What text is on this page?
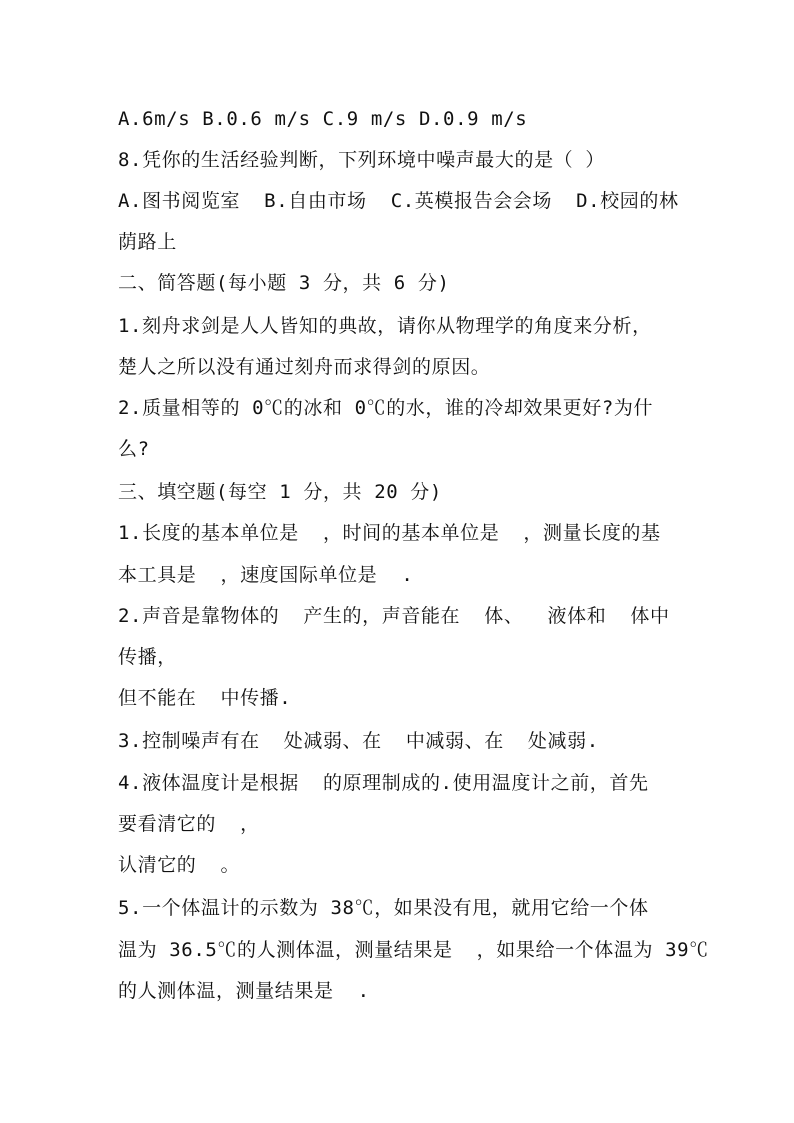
A.6m/s B.0.6 m/s C.9 m/s D.0.9 m/s
8.凭你的生活经验判断，下列环境中噪声最大的是（ ）
A.图书阅览室  B.自由市场  C.英模报告会会场  D.校园的林
荫路上
二、简答题(每小题 3 分，共 6 分)
1.刻舟求剑是人人皆知的典故，请你从物理学的角度来分析，
楚人之所以没有通过刻舟而求得剑的原因。
2.质量相等的 0℃的冰和 0℃的水，谁的冷却效果更好?为什
么?
三、填空题(每空 1 分，共 20 分)
1.长度的基本单位是  ，时间的基本单位是  ，测量长度的基
本工具是  ，速度国际单位是  .
2.声音是靠物体的  产生的，声音能在  体、  液体和  体中
传播，
但不能在  中传播.
3.控制噪声有在  处减弱、在  中减弱、在  处减弱.
4.液体温度计是根据  的原理制成的.使用温度计之前，首先
要看清它的  ，
认清它的  。
5.一个体温计的示数为 38℃，如果没有甩，就用它给一个体
温为 36.5℃的人测体温，测量结果是  ，如果给一个体温为 39℃
的人测体温，测量结果是  .
